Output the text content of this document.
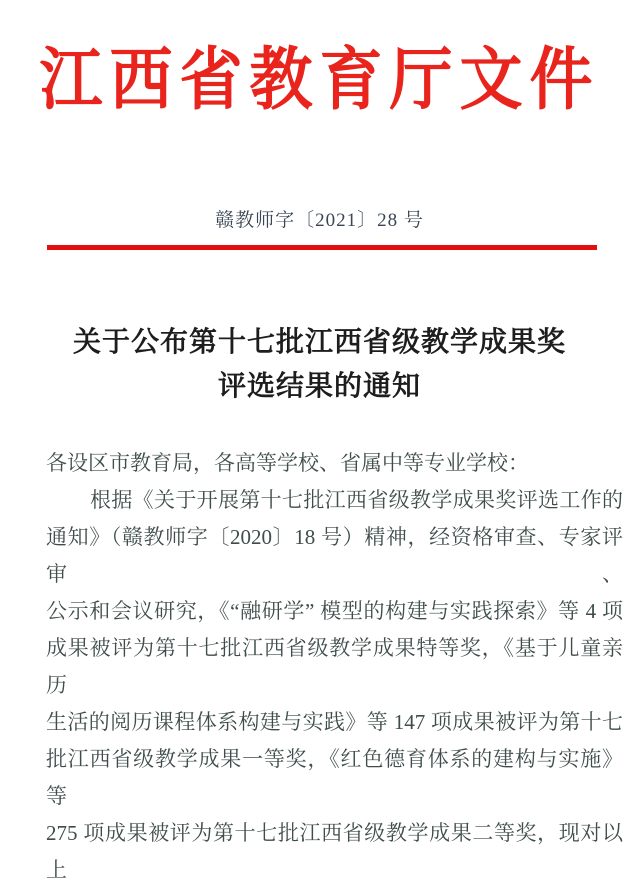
江西省教育厅文件
赣教师字〔2021〕28 号
关于公布第十七批江西省级教学成果奖
评选结果的通知
各设区市教育局，各高等学校、省属中等专业学校：
根据《关于开展第十七批江西省级教学成果奖评选工作的
通知》（赣教师字〔2020〕18 号）精神，经资格审查、专家评审、
公示和会议研究，《“融研学” 模型的构建与实践探索》等 4 项
成果被评为第十七批江西省级教学成果特等奖，《基于儿童亲历
生活的阅历课程体系构建与实践》等 147 项成果被评为第十七
批江西省级教学成果一等奖，《红色德育体系的建构与实施》等
275 项成果被评为第十七批江西省级教学成果二等奖，现对以上
